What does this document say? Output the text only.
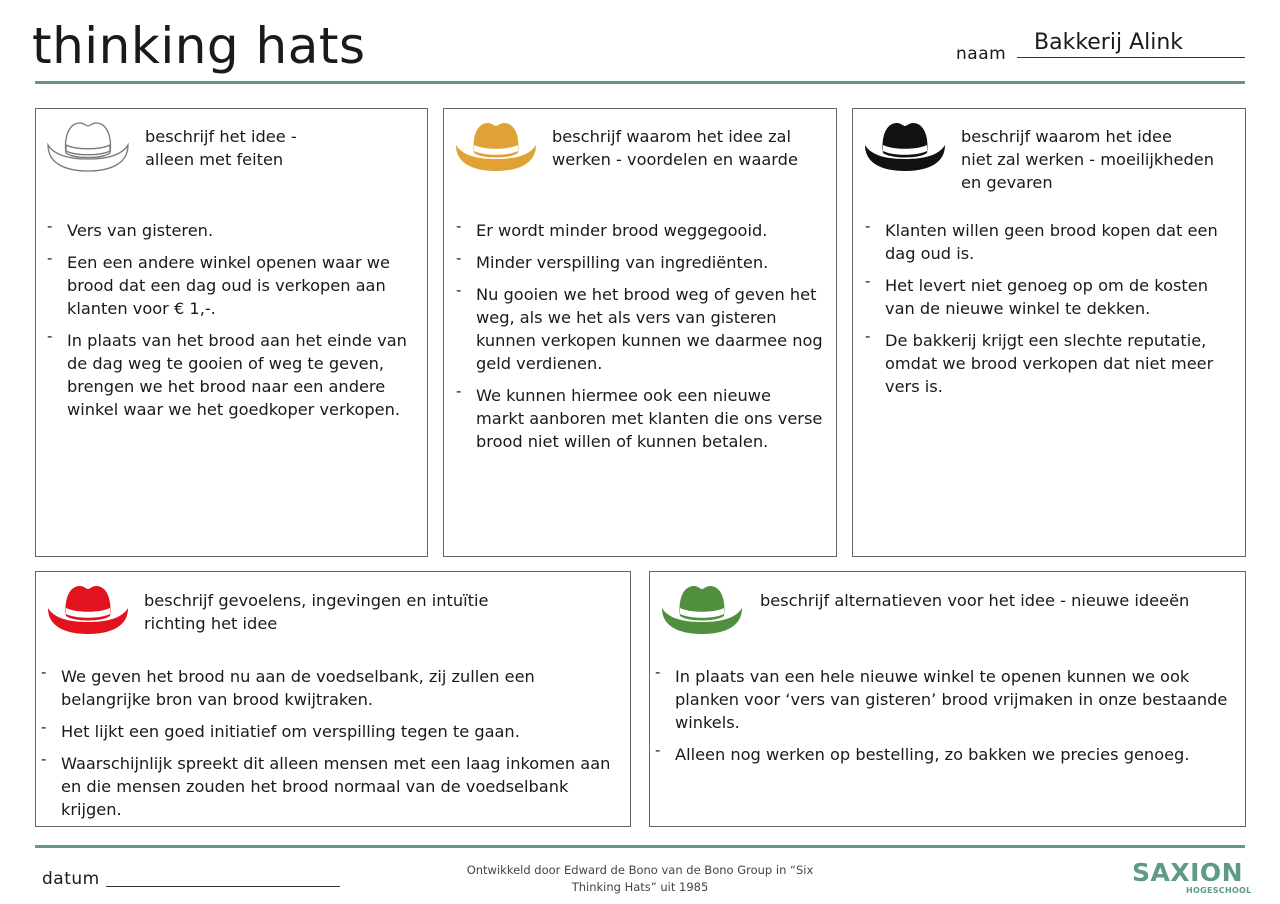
thinking hats	naam Bakkerij Alink
beschrijf het idee -
alleen met feiten
- Vers van gisteren.
- Een een andere winkel openen waar we brood dat een dag oud is verkopen aan klanten voor € 1,-.
- In plaats van het brood aan het einde van de dag weg te gooien of weg te geven, brengen we het brood naar een andere winkel waar we het goedkoper verkopen.
beschrijf waarom het idee zal
werken - voordelen en waarde
- Er wordt minder brood weggegooid.
- Minder verspilling van ingrediënten.
- Nu gooien we het brood weg of geven het weg, als we het als vers van gisteren kunnen verkopen kunnen we daarmee nog geld verdienen.
- We kunnen hiermee ook een nieuwe markt aanboren met klanten die ons verse brood niet willen of kunnen betalen.
beschrijf waarom het idee
niet zal werken - moeilijkheden
en gevaren
- Klanten willen geen brood kopen dat een dag oud is.
- Het levert niet genoeg op om de kosten van de nieuwe winkel te dekken.
- De bakkerij krijgt een slechte reputatie, omdat we brood verkopen dat niet meer vers is.
beschrijf gevoelens, ingevingen en intuïtie
richting het idee
- We geven het brood nu aan de voedselbank, zij zullen een belangrijke bron van brood kwijtraken.
- Het lijkt een goed initiatief om verspilling tegen te gaan.
- Waarschijnlijk spreekt dit alleen mensen met een laag inkomen aan en die mensen zouden het brood normaal van de voedselbank krijgen.
beschrijf alternatieven voor het idee - nieuwe ideeën
- In plaats van een hele nieuwe winkel te openen kunnen we ook planken voor ‘vers van gisteren’ brood vrijmaken in onze bestaande winkels.
- Alleen nog werken op bestelling, zo bakken we precies genoeg.
datum	Ontwikkeld door Edward de Bono van de Bono Group in “Six
Thinking Hats” uit 1985	SAXION
HOGESCHOOL
